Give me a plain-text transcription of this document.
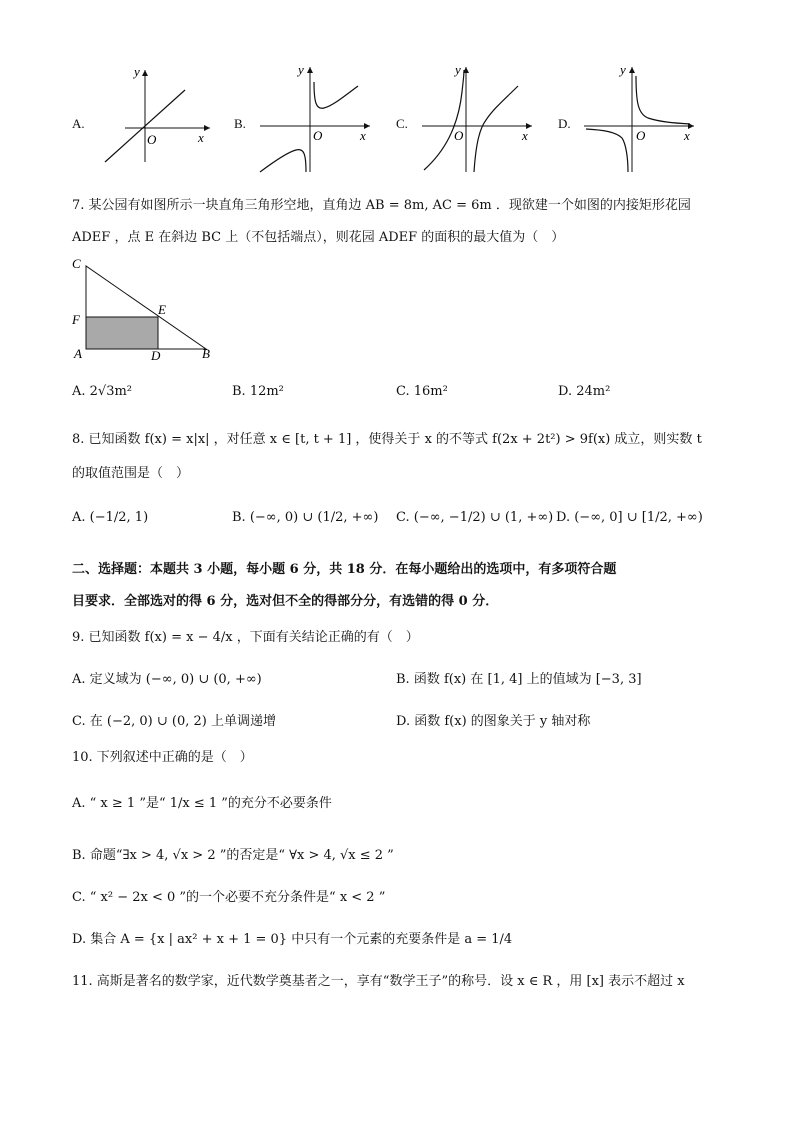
A.
y
x
O
B.
y
x
O
C.
y
x
O
D.
y
x
O
7. 某公园有如图所示一块直角三角形空地，直角边 AB = 8m, AC = 6m ．现欲建一个如图的内接矩形花园
ADEF ，点 E 在斜边 BC 上（不包括端点），则花园 ADEF 的面积的最大值为（　）
C
F
E
A	D	B
A. 2√3m²	B. 12m²	C. 16m²	D. 24m²
8. 已知函数 f(x) = x|x| ，对任意 x ∈ [t, t + 1] ，使得关于 x 的不等式 f(2x + 2t²) > 9f(x) 成立，则实数 t
的取值范围是（　）
A. (−1/2, 1)	B. (−∞, 0) ∪ (1/2, +∞) C. (−∞, −1/2) ∪ (1, +∞) D. (−∞, 0] ∪ [1/2, +∞)
二、选择题：本题共 3 小题，每小题 6 分，共 18 分．在每小题给出的选项中，有多项符合题
目要求．全部选对的得 6 分，选对但不全的得部分分，有选错的得 0 分．
9. 已知函数 f(x) = x − 4/x ，下面有关结论正确的有（　）
A. 定义域为 (−∞, 0) ∪ (0, +∞)	B. 函数 f(x) 在 [1, 4] 上的值域为 [−3, 3]
C. 在 (−2, 0) ∪ (0, 2) 上单调递增	D. 函数 f(x) 的图象关于 y 轴对称
10. 下列叙述中正确的是（　）
A. “ x ≥ 1 ”是“ 1/x ≤ 1 ”的充分不必要条件
B. 命题“∃x > 4, √x > 2 ”的否定是“ ∀x > 4, √x ≤ 2 ”
C. “ x² − 2x < 0 ”的一个必要不充分条件是“ x < 2 ”
D. 集合 A = {x | ax² + x + 1 = 0} 中只有一个元素的充要条件是 a = 1/4
11. 高斯是著名的数学家，近代数学奠基者之一，享有“数学王子”的称号．设 x ∈ R ，用 [x] 表示不超过 x
